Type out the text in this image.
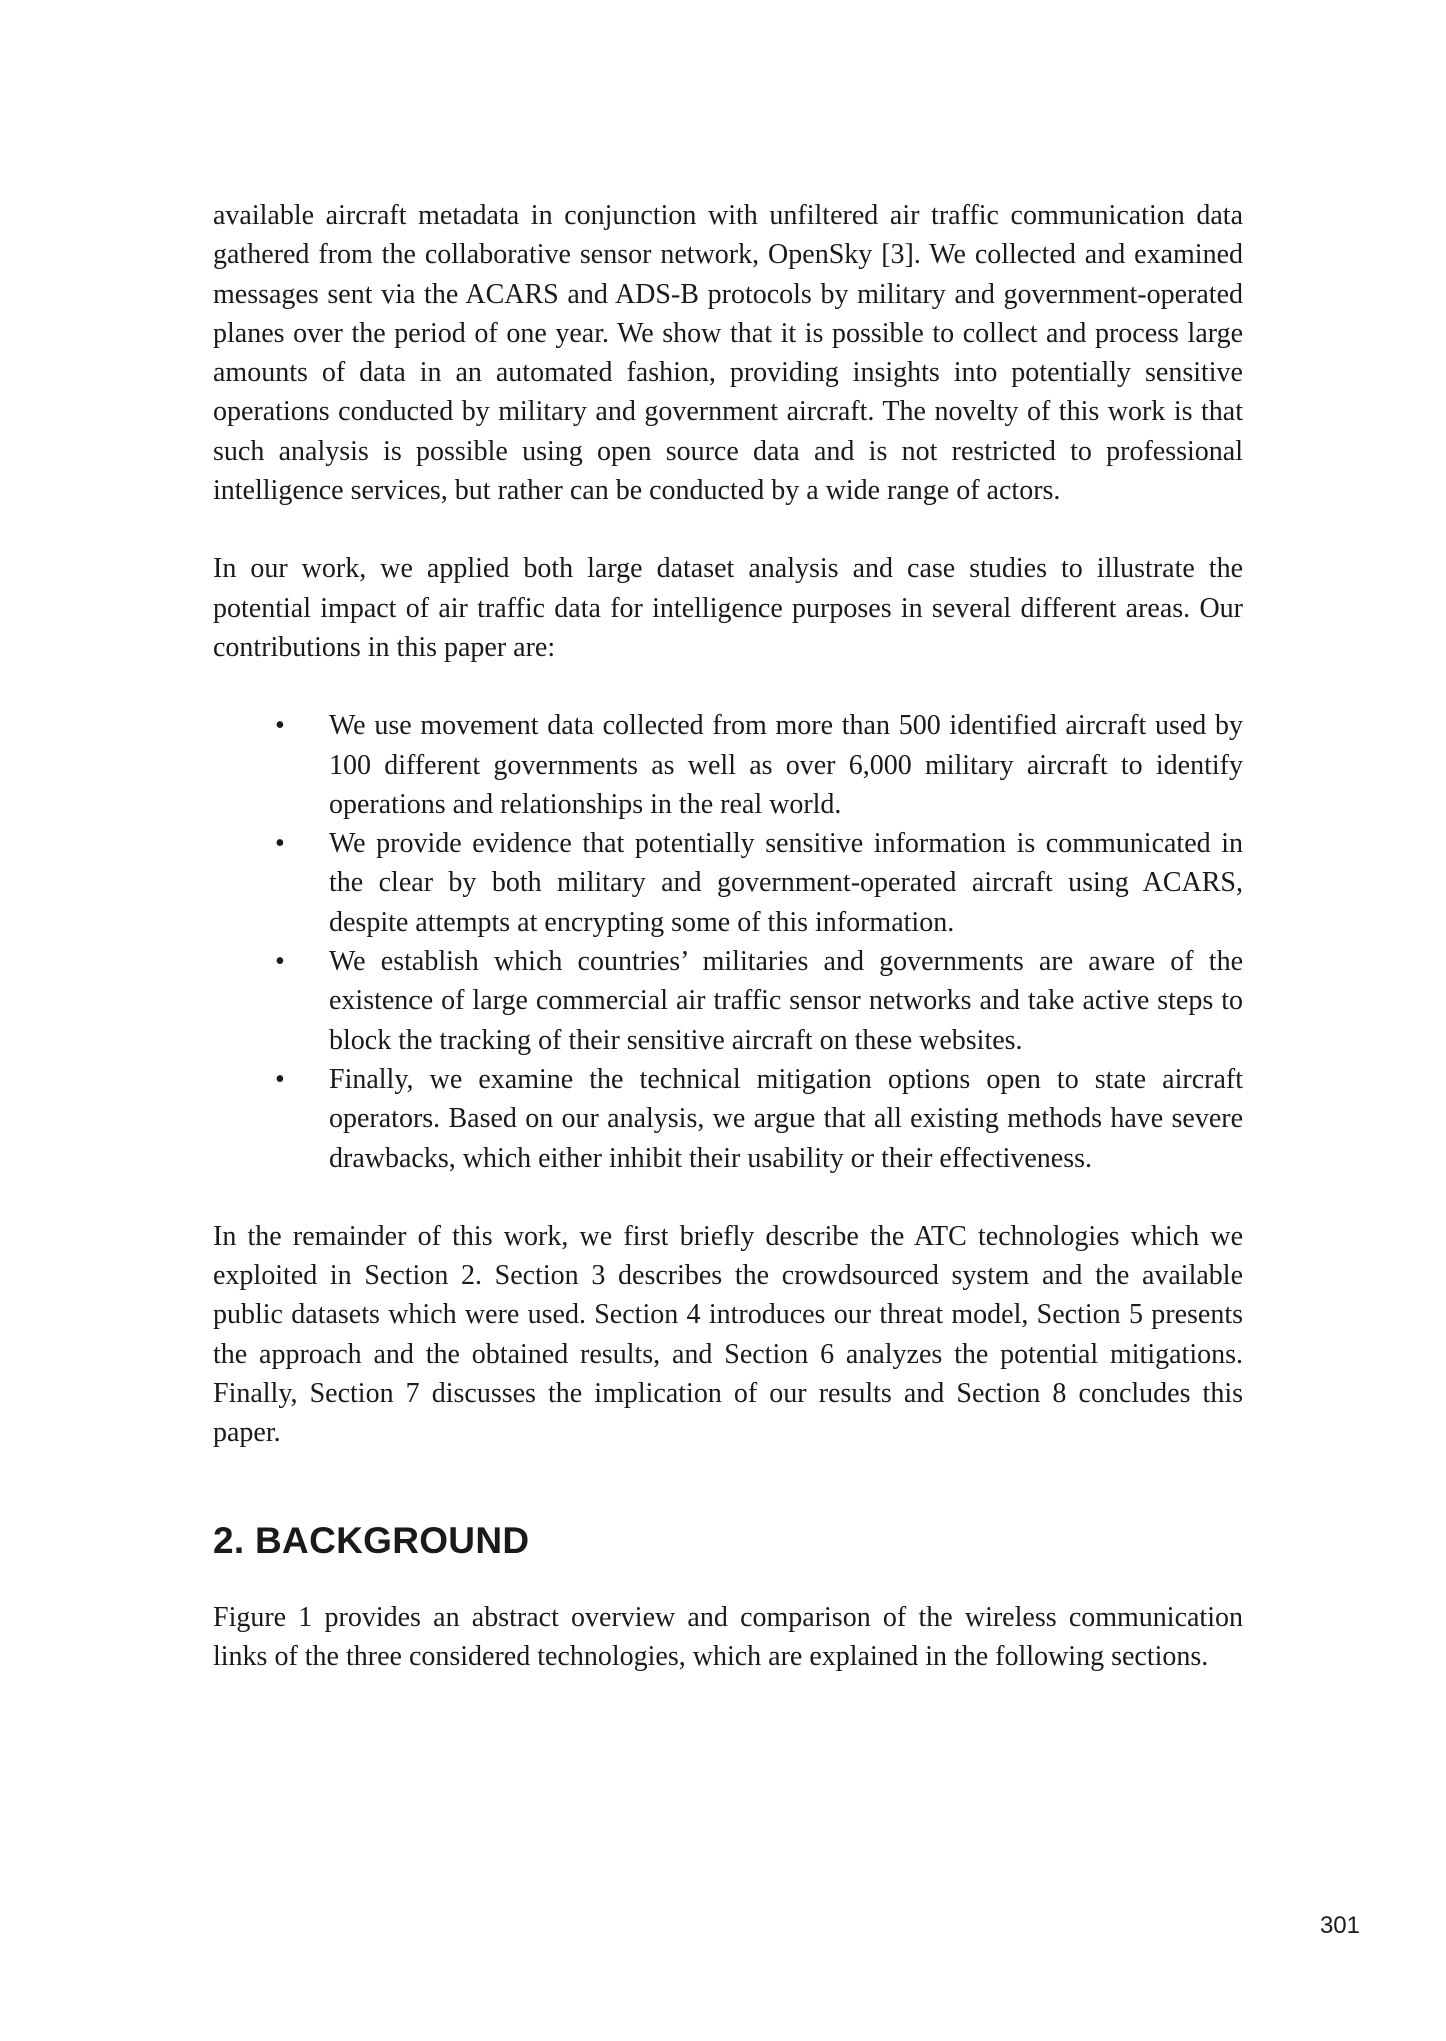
available aircraft metadata in conjunction with unfiltered air traffic communication data gathered from the collaborative sensor network, OpenSky [3]. We collected and examined messages sent via the ACARS and ADS-B protocols by military and government-operated planes over the period of one year. We show that it is possible to collect and process large amounts of data in an automated fashion, providing insights into potentially sensitive operations conducted by military and government aircraft. The novelty of this work is that such analysis is possible using open source data and is not restricted to professional intelligence services, but rather can be conducted by a wide range of actors.

In our work, we applied both large dataset analysis and case studies to illustrate the potential impact of air traffic data for intelligence purposes in several different areas. Our contributions in this paper are:

• We use movement data collected from more than 500 identified aircraft used by 100 different governments as well as over 6,000 military aircraft to identify operations and relationships in the real world.

• We provide evidence that potentially sensitive information is communicated in the clear by both military and government-operated aircraft using ACARS, despite attempts at encrypting some of this information.

• We establish which countries’ militaries and governments are aware of the existence of large commercial air traffic sensor networks and take active steps to block the tracking of their sensitive aircraft on these websites.

• Finally, we examine the technical mitigation options open to state aircraft operators. Based on our analysis, we argue that all existing methods have severe drawbacks, which either inhibit their usability or their effectiveness.

In the remainder of this work, we first briefly describe the ATC technologies which we exploited in Section 2. Section 3 describes the crowdsourced system and the available public datasets which were used. Section 4 introduces our threat model, Section 5 presents the approach and the obtained results, and Section 6 analyzes the potential mitigations. Finally, Section 7 discusses the implication of our results and Section 8 concludes this paper.

2. BACKGROUND

Figure 1 provides an abstract overview and comparison of the wireless communication links of the three considered technologies, which are explained in the following sections.

301
